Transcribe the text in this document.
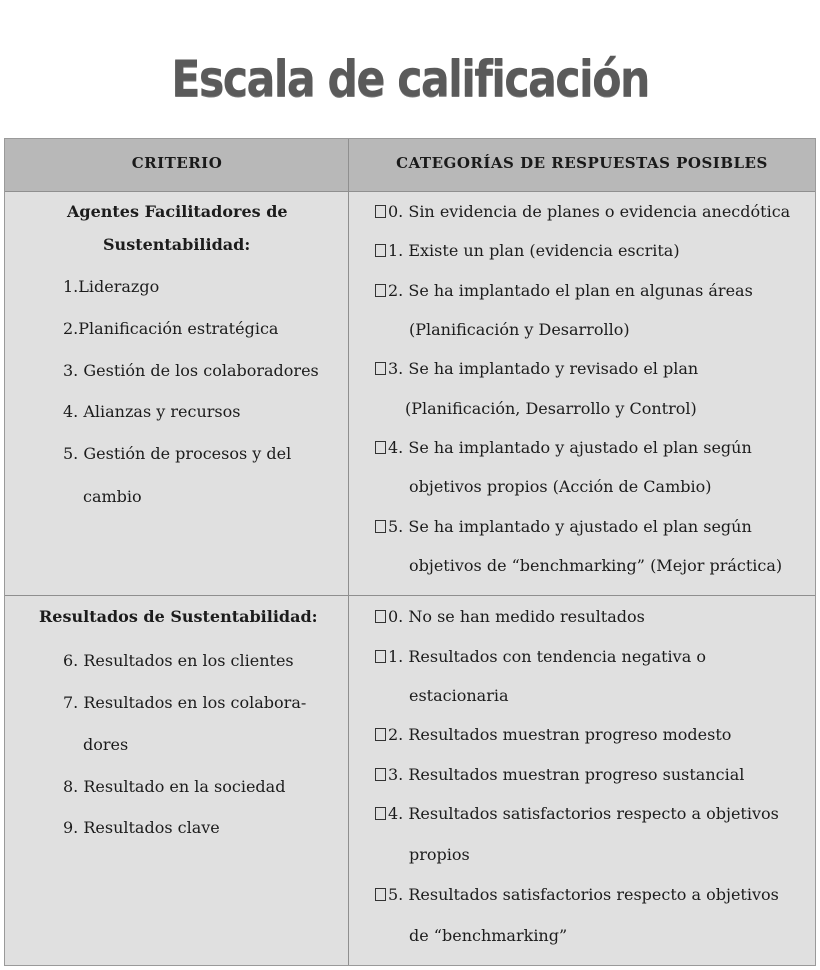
Escala de calificación
CRITERIO	CATEGORÍAS DE RESPUESTAS POSIBLES
Agentes Facilitadores de
Sustentabilidad:
1.Liderazgo
2.Planificación estratégica
3. Gestión de los colaboradores
4. Alianzas y recursos
5. Gestión de procesos y del
cambio
0. Sin evidencia de planes o evidencia anecdótica
1. Existe un plan (evidencia escrita)
2. Se ha implantado el plan en algunas áreas
(Planificación y Desarrollo)
3. Se ha implantado y revisado el plan
(Planificación, Desarrollo y Control)
4. Se ha implantado y ajustado el plan según
objetivos propios (Acción de Cambio)
5. Se ha implantado y ajustado el plan según
objetivos de “benchmarking” (Mejor práctica)
Resultados de Sustentabilidad:
6. Resultados en los clientes
7. Resultados en los colabora-
dores
8. Resultado en la sociedad
9. Resultados clave
0. No se han medido resultados
1. Resultados con tendencia negativa o
estacionaria
2. Resultados muestran progreso modesto
3. Resultados muestran progreso sustancial
4. Resultados satisfactorios respecto a objetivos
propios
5. Resultados satisfactorios respecto a objetivos
de “benchmarking”
